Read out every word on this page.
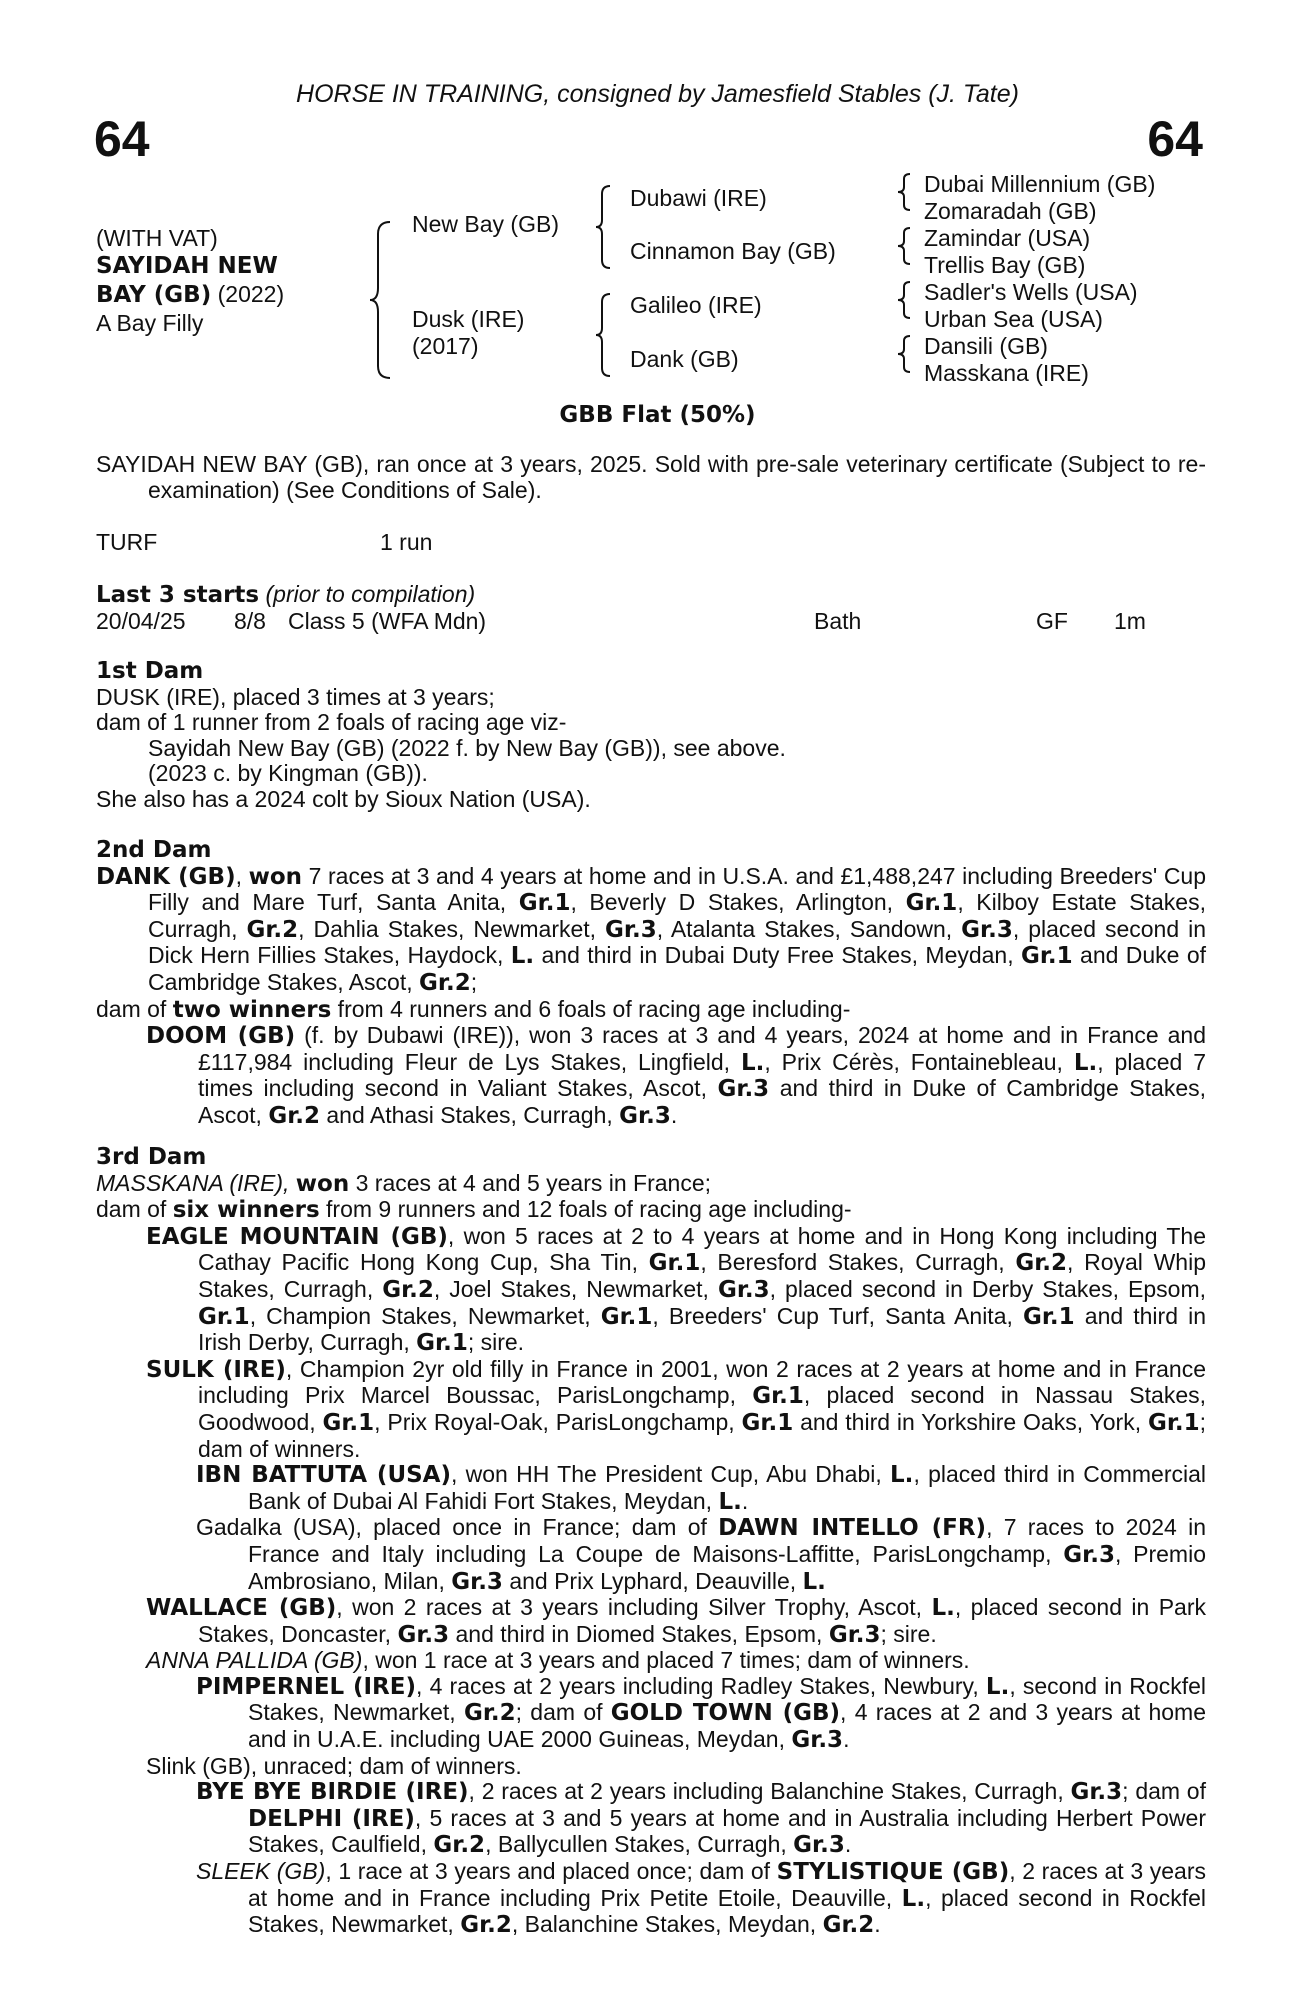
HORSE IN TRAINING, consigned by Jamesfield Stables (J. Tate)
64	64
(WITH VAT)
SAYIDAH NEW
BAY (GB) (2022)
A Bay Filly
New Bay (GB)
Dusk (IRE)
(2017)
Dubawi (IRE)
Cinnamon Bay (GB)
Galileo (IRE)
Dank (GB)
Dubai Millennium (GB)
Zomaradah (GB)
Zamindar (USA)
Trellis Bay (GB)
Sadler's Wells (USA)
Urban Sea (USA)
Dansili (GB)
Masskana (IRE)
GBB Flat (50%)

SAYIDAH NEW BAY (GB), ran once at 3 years, 2025. Sold with pre-sale veterinary certificate (Subject to re-examination) (See Conditions of Sale).

TURF	1 run
Last 3 starts (prior to compilation)
20/04/25	8/8 Class 5 (WFA Mdn)	Bath	GF	1m
1st Dam

DUSK (IRE), placed 3 times at 3 years;

dam of 1 runner from 2 foals of racing age viz-

Sayidah New Bay (GB) (2022 f. by New Bay (GB)), see above.

(2023 c. by Kingman (GB)).

She also has a 2024 colt by Sioux Nation (USA).

2nd Dam

DANK (GB), won 7 races at 3 and 4 years at home and in U.S.A. and £1,488,247 including Breeders' Cup Filly and Mare Turf, Santa Anita, Gr.1, Beverly D Stakes, Arlington, Gr.1, Kilboy Estate Stakes, Curragh, Gr.2, Dahlia Stakes, Newmarket, Gr.3, Atalanta Stakes, Sandown, Gr.3, placed second in Dick Hern Fillies Stakes, Haydock, L. and third in Dubai Duty Free Stakes, Meydan, Gr.1 and Duke of Cambridge Stakes, Ascot, Gr.2;

dam of two winners from 4 runners and 6 foals of racing age including-

DOOM (GB) (f. by Dubawi (IRE)), won 3 races at 3 and 4 years, 2024 at home and in France and £117,984 including Fleur de Lys Stakes, Lingfield, L., Prix Cérès, Fontainebleau, L., placed 7 times including second in Valiant Stakes, Ascot, Gr.3 and third in Duke of Cambridge Stakes, Ascot, Gr.2 and Athasi Stakes, Curragh, Gr.3.

3rd Dam

MASSKANA (IRE), won 3 races at 4 and 5 years in France;

dam of six winners from 9 runners and 12 foals of racing age including-

EAGLE MOUNTAIN (GB), won 5 races at 2 to 4 years at home and in Hong Kong including The Cathay Pacific Hong Kong Cup, Sha Tin, Gr.1, Beresford Stakes, Curragh, Gr.2, Royal Whip Stakes, Curragh, Gr.2, Joel Stakes, Newmarket, Gr.3, placed second in Derby Stakes, Epsom, Gr.1, Champion Stakes, Newmarket, Gr.1, Breeders' Cup Turf, Santa Anita, Gr.1 and third in Irish Derby, Curragh, Gr.1; sire.

SULK (IRE), Champion 2yr old filly in France in 2001, won 2 races at 2 years at home and in France including Prix Marcel Boussac, ParisLongchamp, Gr.1, placed second in Nassau Stakes, Goodwood, Gr.1, Prix Royal-Oak, ParisLongchamp, Gr.1 and third in Yorkshire Oaks, York, Gr.1; dam of winners.

IBN BATTUTA (USA), won HH The President Cup, Abu Dhabi, L., placed third in Commercial Bank of Dubai Al Fahidi Fort Stakes, Meydan, L..

Gadalka (USA), placed once in France; dam of DAWN INTELLO (FR), 7 races to 2024 in France and Italy including La Coupe de Maisons-Laffitte, ParisLongchamp, Gr.3, Premio Ambrosiano, Milan, Gr.3 and Prix Lyphard, Deauville, L.

WALLACE (GB), won 2 races at 3 years including Silver Trophy, Ascot, L., placed second in Park Stakes, Doncaster, Gr.3 and third in Diomed Stakes, Epsom, Gr.3; sire.

ANNA PALLIDA (GB), won 1 race at 3 years and placed 7 times; dam of winners.

PIMPERNEL (IRE), 4 races at 2 years including Radley Stakes, Newbury, L., second in Rockfel Stakes, Newmarket, Gr.2; dam of GOLD TOWN (GB), 4 races at 2 and 3 years at home and in U.A.E. including UAE 2000 Guineas, Meydan, Gr.3.

Slink (GB), unraced; dam of winners.

BYE BYE BIRDIE (IRE), 2 races at 2 years including Balanchine Stakes, Curragh, Gr.3; dam of DELPHI (IRE), 5 races at 3 and 5 years at home and in Australia including Herbert Power Stakes, Caulfield, Gr.2, Ballycullen Stakes, Curragh, Gr.3.

SLEEK (GB), 1 race at 3 years and placed once; dam of STYLISTIQUE (GB), 2 races at 3 years at home and in France including Prix Petite Etoile, Deauville, L., placed second in Rockfel Stakes, Newmarket, Gr.2, Balanchine Stakes, Meydan, Gr.2.
